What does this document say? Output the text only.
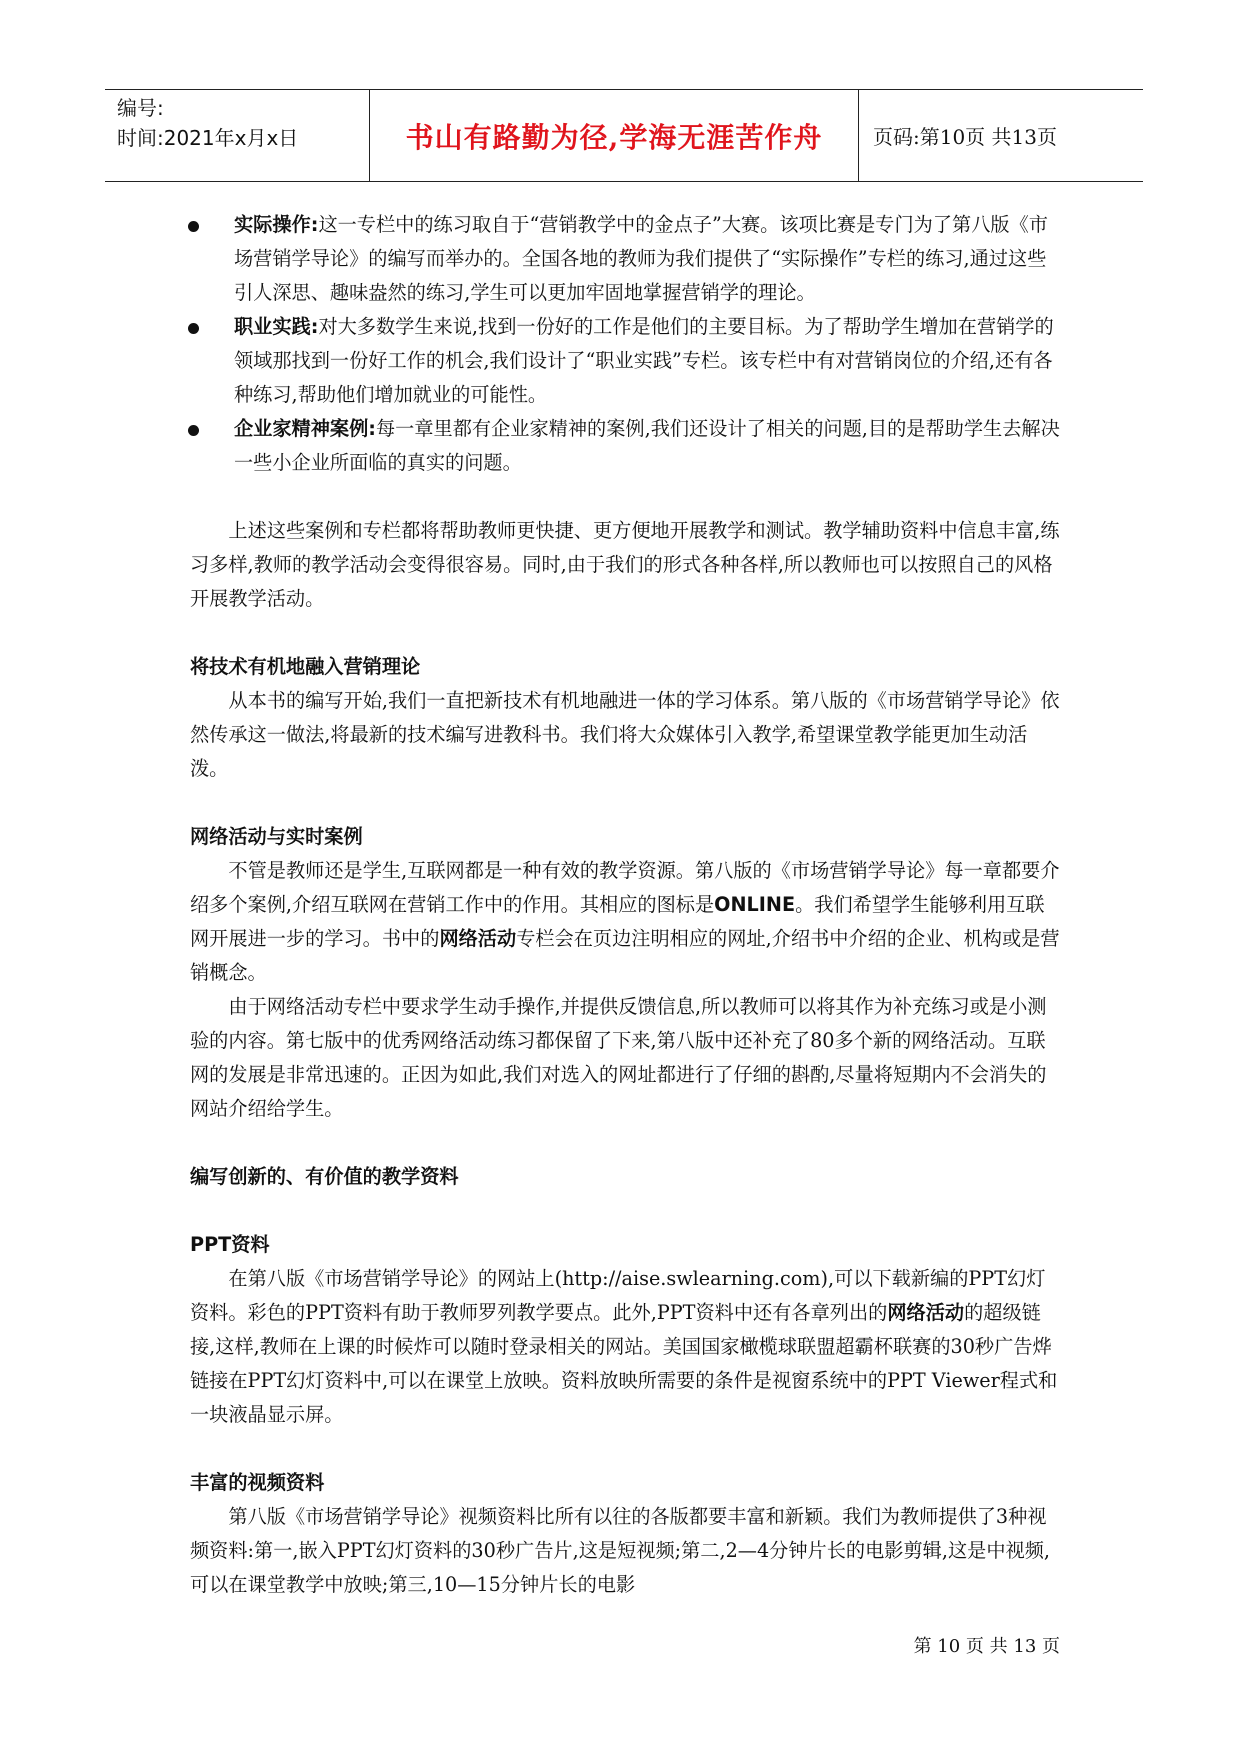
编号:
时间:2021年x月x日	书山有路勤为径,学海无涯苦作舟	页码:第10页 共13页
实际操作:这一专栏中的练习取自于“营销教学中的金点子”大赛。该项比赛是专门为了第八版《市场营销学导论》的编写而举办的。全国各地的教师为我们提供了“实际操作”专栏的练习,通过这些引人深思、趣味盎然的练习,学生可以更加牢固地掌握营销学的理论。
职业实践:对大多数学生来说,找到一份好的工作是他们的主要目标。为了帮助学生增加在营销学的领域那找到一份好工作的机会,我们设计了“职业实践”专栏。该专栏中有对营销岗位的介绍,还有各种练习,帮助他们增加就业的可能性。
企业家精神案例:每一章里都有企业家精神的案例,我们还设计了相关的问题,目的是帮助学生去解决一些小企业所面临的真实的问题。

上述这些案例和专栏都将帮助教师更快捷、更方便地开展教学和测试。教学辅助资料中信息丰富,练习多样,教师的教学活动会变得很容易。同时,由于我们的形式各种各样,所以教师也可以按照自己的风格开展教学活动。

将技术有机地融入营销理论

从本书的编写开始,我们一直把新技术有机地融进一体的学习体系。第八版的《市场营销学导论》依然传承这一做法,将最新的技术编写进教科书。我们将大众媒体引入教学,希望课堂教学能更加生动活泼。

网络活动与实时案例

不管是教师还是学生,互联网都是一种有效的教学资源。第八版的《市场营销学导论》每一章都要介绍多个案例,介绍互联网在营销工作中的作用。其相应的图标是ONLINE。我们希望学生能够利用互联网开展进一步的学习。书中的网络活动专栏会在页边注明相应的网址,介绍书中介绍的企业、机构或是营销概念。

由于网络活动专栏中要求学生动手操作,并提供反馈信息,所以教师可以将其作为补充练习或是小测验的内容。第七版中的优秀网络活动练习都保留了下来,第八版中还补充了80多个新的网络活动。互联网的发展是非常迅速的。正因为如此,我们对选入的网址都进行了仔细的斟酌,尽量将短期内不会消失的网站介绍给学生。

编写创新的、有价值的教学资料

PPT资料

在第八版《市场营销学导论》的网站上(http://aise.swlearning.com),可以下载新编的PPT幻灯资料。彩色的PPT资料有助于教师罗列教学要点。此外,PPT资料中还有各章列出的网络活动的超级链接,这样,教师在上课的时候炸可以随时登录相关的网站。美国国家橄榄球联盟超霸杯联赛的30秒广告烨链接在PPT幻灯资料中,可以在课堂上放映。资料放映所需要的条件是视窗系统中的PPT Viewer程式和一块液晶显示屏。

丰富的视频资料

第八版《市场营销学导论》视频资料比所有以往的各版都要丰富和新颖。我们为教师提供了3种视频资料:第一,嵌入PPT幻灯资料的30秒广告片,这是短视频;第二,2—4分钟片长的电影剪辑,这是中视频,可以在课堂教学中放映;第三,10—15分钟片长的电影

第 10 页 共 13 页
